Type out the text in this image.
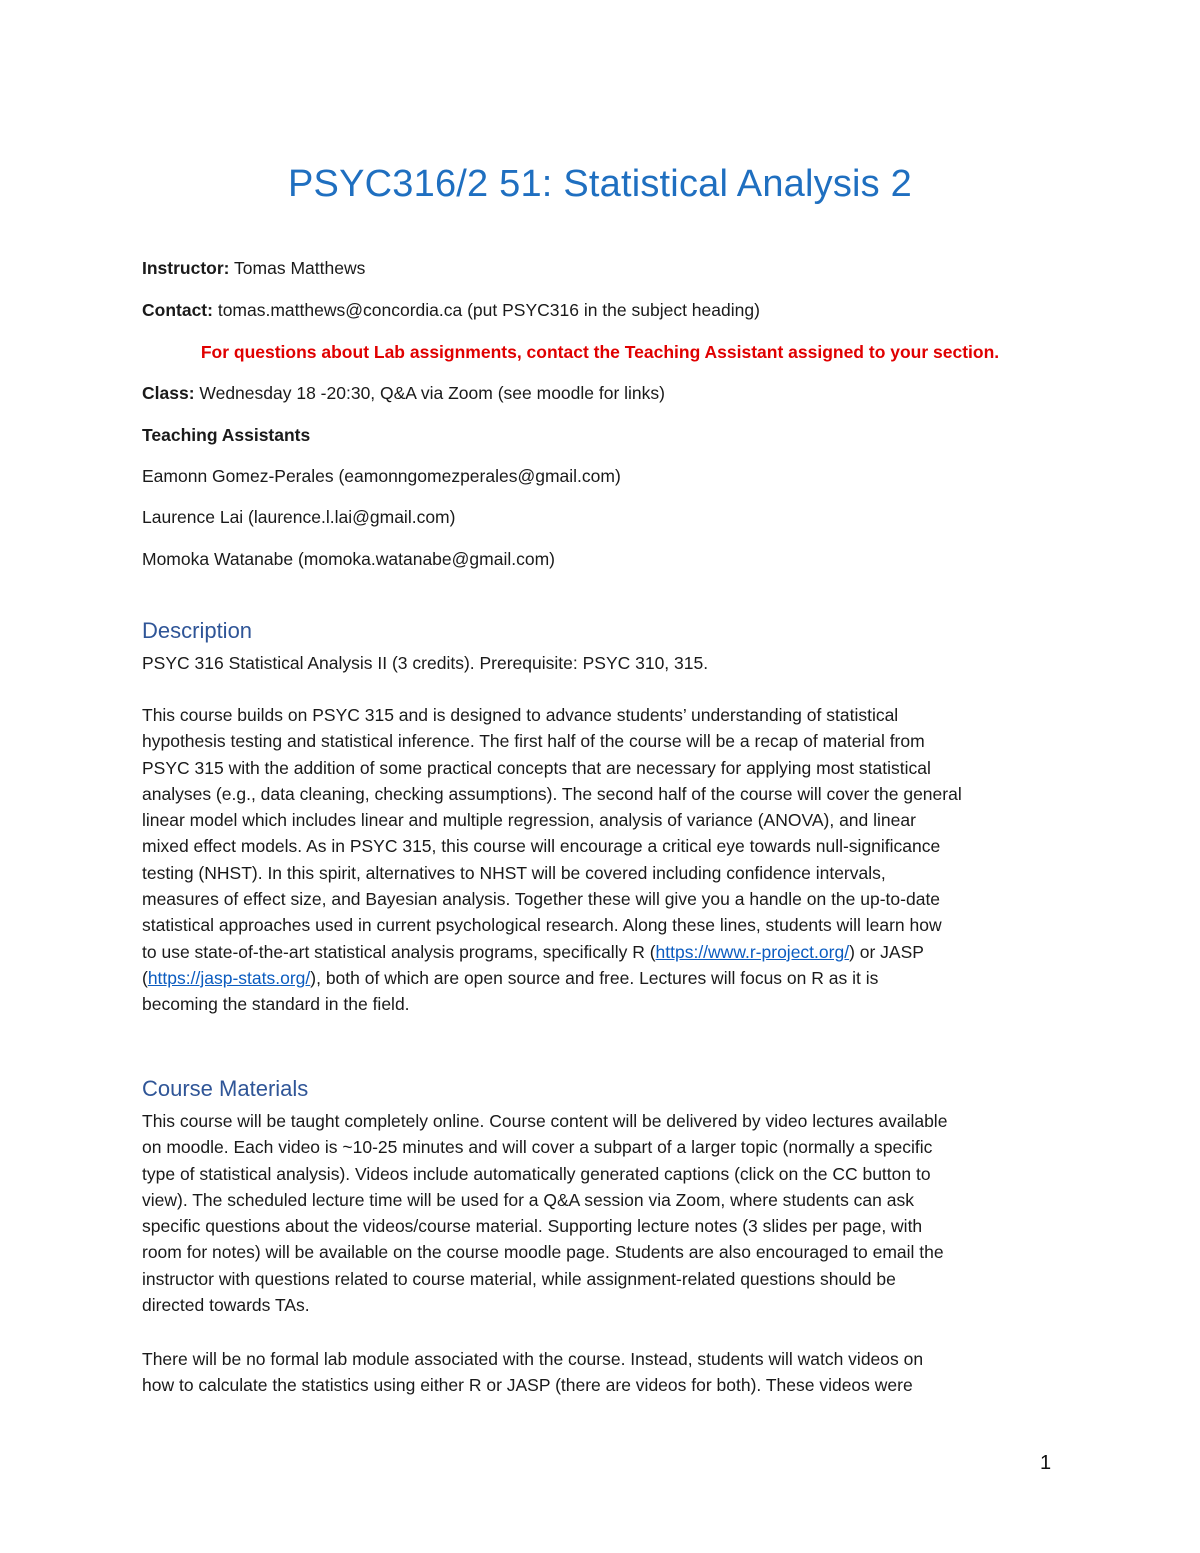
PSYC316/2 51: Statistical Analysis 2
Instructor: Tomas Matthews
Contact: tomas.matthews@concordia.ca (put PSYC316 in the subject heading)
For questions about Lab assignments, contact the Teaching Assistant assigned to your section.
Class: Wednesday 18 -20:30, Q&A via Zoom (see moodle for links)
Teaching Assistants
Eamonn Gomez-Perales (eamonngomezperales@gmail.com)
Laurence Lai (laurence.l.lai@gmail.com)
Momoka Watanabe (momoka.watanabe@gmail.com)
Description
PSYC 316 Statistical Analysis II (3 credits). Prerequisite: PSYC 310, 315.
This course builds on PSYC 315 and is designed to advance students’ understanding of statistical
hypothesis testing and statistical inference. The first half of the course will be a recap of material from
PSYC 315 with the addition of some practical concepts that are necessary for applying most statistical
analyses (e.g., data cleaning, checking assumptions). The second half of the course will cover the general
linear model which includes linear and multiple regression, analysis of variance (ANOVA), and linear
mixed effect models. As in PSYC 315, this course will encourage a critical eye towards null-significance
testing (NHST). In this spirit, alternatives to NHST will be covered including confidence intervals,
measures of effect size, and Bayesian analysis. Together these will give you a handle on the up-to-date
statistical approaches used in current psychological research. Along these lines, students will learn how
to use state-of-the-art statistical analysis programs, specifically R (https://www.r-project.org/) or JASP
(https://jasp-stats.org/), both of which are open source and free. Lectures will focus on R as it is
becoming the standard in the field.
Course Materials
This course will be taught completely online. Course content will be delivered by video lectures available
on moodle. Each video is ~10-25 minutes and will cover a subpart of a larger topic (normally a specific
type of statistical analysis). Videos include automatically generated captions (click on the CC button to
view). The scheduled lecture time will be used for a Q&A session via Zoom, where students can ask
specific questions about the videos/course material. Supporting lecture notes (3 slides per page, with
room for notes) will be available on the course moodle page. Students are also encouraged to email the
instructor with questions related to course material, while assignment-related questions should be
directed towards TAs.
There will be no formal lab module associated with the course. Instead, students will watch videos on
how to calculate the statistics using either R or JASP (there are videos for both). These videos were
1
